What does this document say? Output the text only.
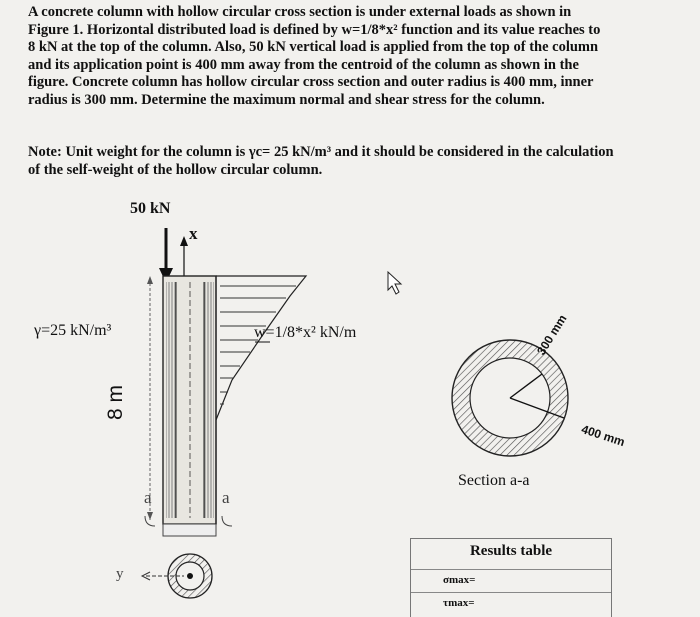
A concrete column with hollow circular cross section is under external loads as shown in

Figure 1. Horizontal distributed load is defined by w=1/8*x² function and its value reaches to

8 kN at the top of the column. Also, 50 kN vertical load is applied from the top of the column

and its application point is 400 mm away from the centroid of the column as shown in the

figure. Concrete column has hollow circular cross section and outer radius is 400 mm, inner

radius is 300 mm. Determine the maximum normal and shear stress for the column.

Note: Unit weight for the column is γc= 25 kN/m³ and it should be considered in the calculation

of the self-weight of the hollow circular column.

50 kN
x
γ=25 kN/m³	w=1/8*x² kN/m
8 m
a	a
y
300 mm
400 mm
Section a-a
Results table
σmax=
τmax=
